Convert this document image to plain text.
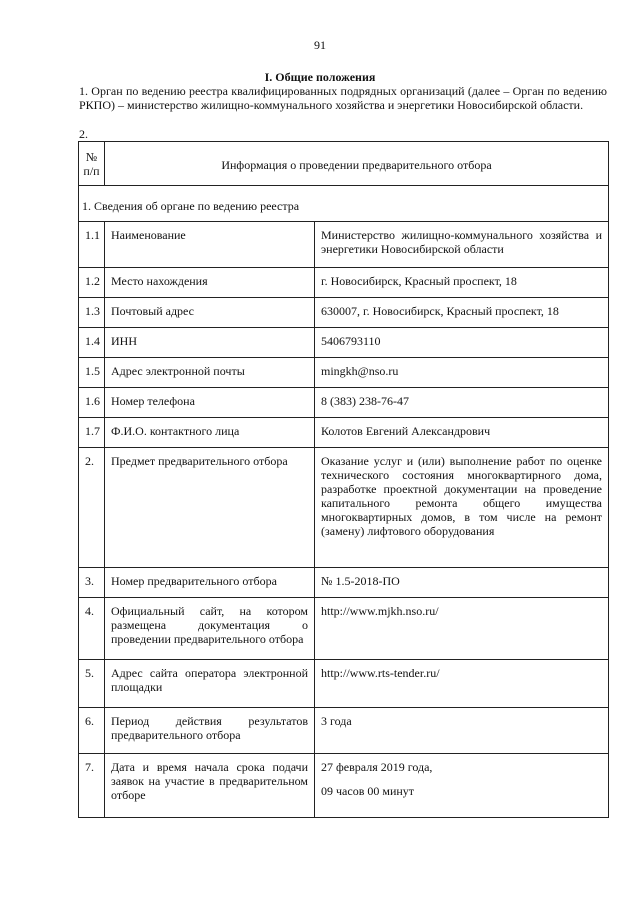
91
I. Общие положения
1. Орган по ведению реестра квалифицированных подрядных организаций (далее – Орган по ведению РКПО) – министерство жилищно-коммунального хозяйства и энергетики Новосибирской области.
2.
№ п/п	Информация о проведении предварительного отбора	
1. Сведения об органе по ведению реестра		
1.1	Наименование	Министерство жилищно-коммунального хозяйства и энергетики Новосибирской области
1.2	Место нахождения	г. Новосибирск, Красный проспект, 18
1.3	Почтовый адрес	630007, г. Новосибирск, Красный проспект, 18
1.4	ИНН	5406793110
1.5	Адрес электронной почты	mingkh@nso.ru
1.6	Номер телефона	8 (383) 238-76-47
1.7	Ф.И.О. контактного лица	Колотов Евгений Александрович
2.	Предмет предварительного отбора	Оказание услуг и (или) выполнение работ по оценке технического состояния многоквартирного дома, разработке проектной документации на проведение капитального ремонта общего имущества многоквартирных домов, в том числе на ремонт (замену) лифтового оборудования
3.	Номер предварительного отбора	№ 1.5-2018-ПО
4.	Официальный сайт, на котором размещена документация о проведении предварительного отбора	http://www.mjkh.nso.ru/
5.	Адрес сайта оператора электронной площадки	http://www.rts-tender.ru/
6.	Период действия результатов предварительного отбора	3 года
7.	Дата и время начала срока подачи заявок на участие в предварительном отборе	27 февраля 2019 года,
09 часов 00 минут
